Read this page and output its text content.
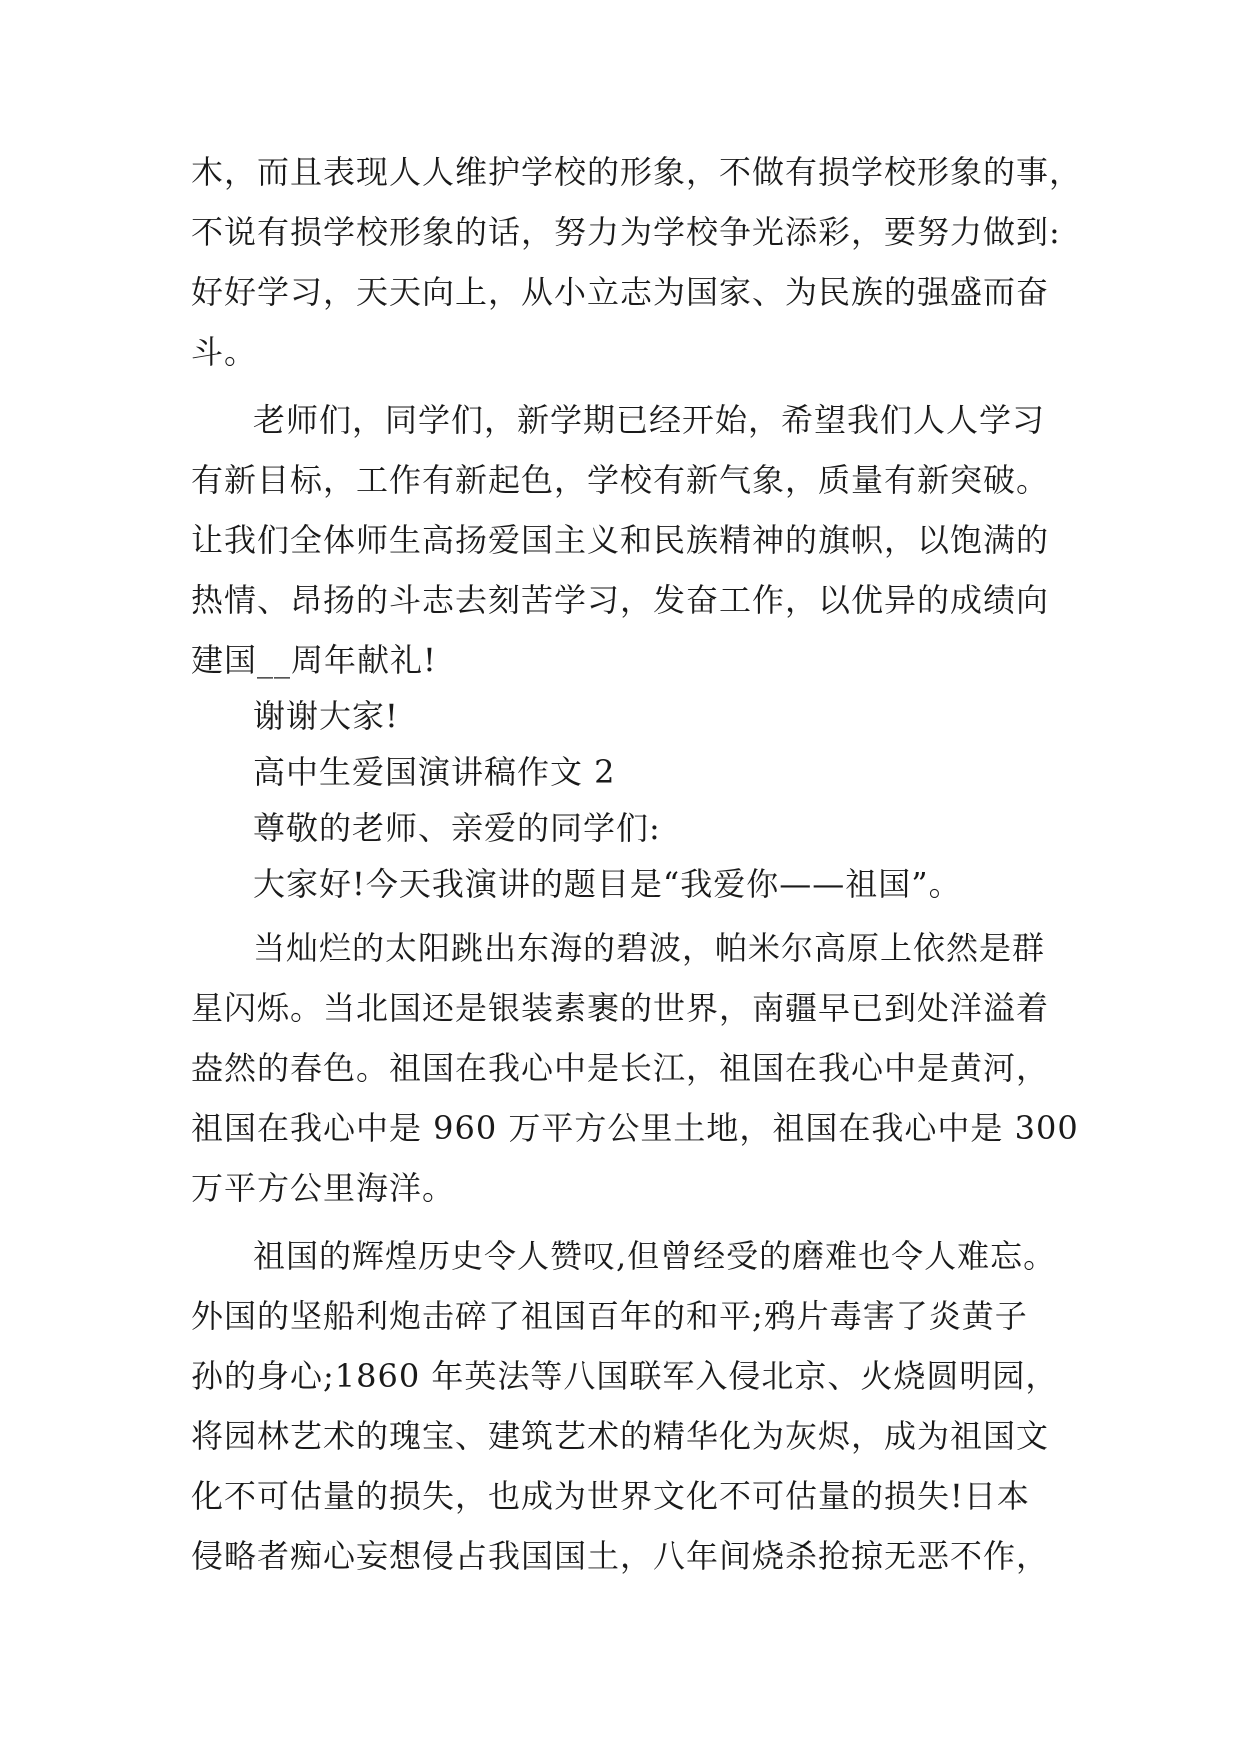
木，而且表现人人维护学校的形象，不做有损学校形象的事，
不说有损学校形象的话，努力为学校争光添彩，要努力做到:
好好学习，天天向上，从小立志为国家、为民族的强盛而奋
斗。
老师们，同学们，新学期已经开始，希望我们人人学习
有新目标，工作有新起色，学校有新气象，质量有新突破。
让我们全体师生高扬爱国主义和民族精神的旗帜，以饱满的
热情、昂扬的斗志去刻苦学习，发奋工作，以优异的成绩向
建国__周年献礼!
谢谢大家!
高中生爱国演讲稿作文 2
尊敬的老师、亲爱的同学们:
大家好!今天我演讲的题目是“我爱你——祖国”。
当灿烂的太阳跳出东海的碧波，帕米尔高原上依然是群
星闪烁。当北国还是银装素裹的世界，南疆早已到处洋溢着
盎然的春色。祖国在我心中是长江，祖国在我心中是黄河，
祖国在我心中是 960 万平方公里土地，祖国在我心中是 300
万平方公里海洋。
祖国的辉煌历史令人赞叹,但曾经受的磨难也令人难忘。
外国的坚船利炮击碎了祖国百年的和平;鸦片毒害了炎黄子
孙的身心;1860 年英法等八国联军入侵北京、火烧圆明园，
将园林艺术的瑰宝、建筑艺术的精华化为灰烬，成为祖国文
化不可估量的损失，也成为世界文化不可估量的损失!日本
侵略者痴心妄想侵占我国国土，八年间烧杀抢掠无恶不作，
